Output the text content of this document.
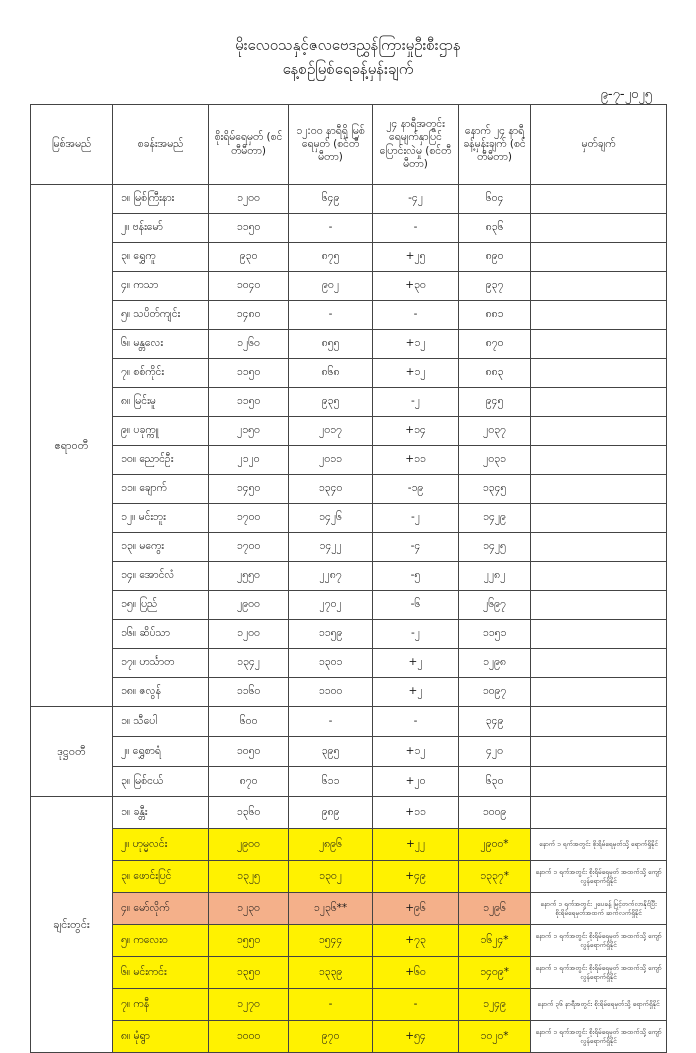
မိုးလေဝသနှင့်ဇလဗေဒညွှန်ကြားမှုဦးစီးဌာန
နေ့စဉ်မြစ်ရေခန့်မှန်းချက်
၉-၇-၂၀၂၅
မြစ်အမည်	စခန်းအမည်	စိုးရိမ်ရေမှတ် (စင်တီမီတာ)	၁၂:၀၀ နာရီရှိ မြစ်ရေမှတ် (စင်တီမီတာ)	၂၄ နာရီအတွင်း ရေမျက်နှာပြင် ပြောင်းလဲမှု (စင်တီမီတာ)	နောက် ၂၄ နာရီ ခန့်မှန်းချက် (စင်တီမီတာ)	မှတ်ချက်
ဧရာဝတီ	၁။ မြစ်ကြီးနား	၁၂၀၀	၆၄၉	-၄၂	၆၀၄	
	၂။ ဗန်းမော်	၁၁၅၀	-	-	၈၃၆	
	၃။ ရွှေကူ	၉၃၀	၈၇၅	+၂၅	၈၉၀	
	၄။ ကသာ	၁၀၄၀	၉၀၂	+၃၀	၉၃၇	
	၅။ သပိတ်ကျင်း	၁၄၈၀	-	-	၈၈၁	
	၆။ မန္တလေး	၁၂၆၀	၈၅၅	+၁၂	၈၇၀	
	၇။ စစ်ကိုင်း	၁၁၅၀	၈၆၈	+၁၂	၈၈၃	
	၈။ မြင်းမူ	၁၁၅၀	၉၃၅	-၂	၉၄၅	
	၉။ ပခုက္ကူ	၂၁၅၀	၂၀၁၇	+၁၄	၂၀၃၇	
	၁၀။ ညောင်ဦး	၂၁၂၀	၂၀၁၁	+၁၁	၂၀၃၁	
	၁၁။ ချောက်	၁၄၅၀	၁၃၄၀	-၁၉	၁၃၄၅	
	၁၂။ မင်းဘူး	၁၇၀၀	၁၄၂၆	-၂	၁၄၂၉	
	၁၃။ မကွေး	၁၇၀၀	၁၄၂၂	-၄	၁၄၂၅	
	၁၄။ အောင်လံ	၂၅၅၀	၂၂၈၇	-၅	၂၂၈၂	
	၁၅။ ပြည်	၂၉၀၀	၂၇၀၂	-၆	၂၆၉၇	
	၁၆။ ဆိပ်သာ	၁၂၀၀	၁၁၅၉	-၂	၁၁၅၁	
	၁၇။ ဟင်္သာတ	၁၃၄၂	၁၃၀၁	+၂	၁၂၉၈	
	၁၈။ ဇလွန်	၁၁၆၀	၁၁၀၀	+၂	၁၀၉၇	
ဒုဋ္ဌဝတီ	၁။ သီပေါ	၆၀၀	-	-	၃၄၉	
	၂။ ရွှေစာရံ	၁၀၅၀	၃၉၅	+၁၂	၄၂၀	
	၃။ မြစ်ငယ်	၈၇၀	၆၁၁	+၂၀	၆၃၀	
ချင်းတွင်း	၁။ ခန္တီး	၁၃၆၀	၉၈၉	+၁၁	၁၀၀၉	
	၂။ ဟုမ္မလင်း	၂၉၀၀	၂၈၉၆	+၂၂	၂၉၀၀*	နောက် ၁ ရက်အတွင်း စိုးရိမ်ရေမှတ်သို့ ရောက်ရှိနိုင်
	၃။ ဖောင်းပြင်	၁၃၂၅	၁၃၀၂	+၄၉	၁၃၃၇*	နောက် ၁ ရက်အတွင်း စိုးရိမ်ရေမှတ် အထက်သို့ ကျော်လွန်ရောက်ရှိနိုင်
	၄။ မော်လိုက်	၁၂၃၀	၁၂၃၆**	+၉၆	၁၂၉၆	နောက် ၁ ရက်အတွင်း ၂ပေခန့် မြင့်တက်လာနိုင်ပြီး စိုးရိမ်ရေမှတ်အထက် ဆက်လက်ရှိနိုင်
	၅။ ကလေးဝ	၁၅၅၀	၁၅၄၄	+၇၃	၁၆၂၄*	နောက် ၁ ရက်အတွင်း စိုးရိမ်ရေမှတ် အထက်သို့ ကျော်လွန်ရောက်ရှိနိုင်
	၆။ မင်းကင်း	၁၃၅၀	၁၃၃၉	+၆၀	၁၄၀၉*	နောက် ၁ ရက်အတွင်း စိုးရိမ်ရေမှတ် အထက်သို့ ကျော်လွန်ရောက်ရှိနိုင်
	၇။ ကနီ	၁၂၇၀	-	-	၁၂၄၉	နောက် ၃၆ နာရီအတွင်း စိုးရိမ်ရေမှတ်သို့ ရောက်ရှိနိုင်
	၈။ မုံရွာ	၁၀၀၀	၉၇၀	+၅၄	၁၀၂၀*	နောက် ၁ ရက်အတွင်း စိုးရိမ်ရေမှတ် အထက်သို့ ကျော်လွန်ရောက်ရှိနိုင်
